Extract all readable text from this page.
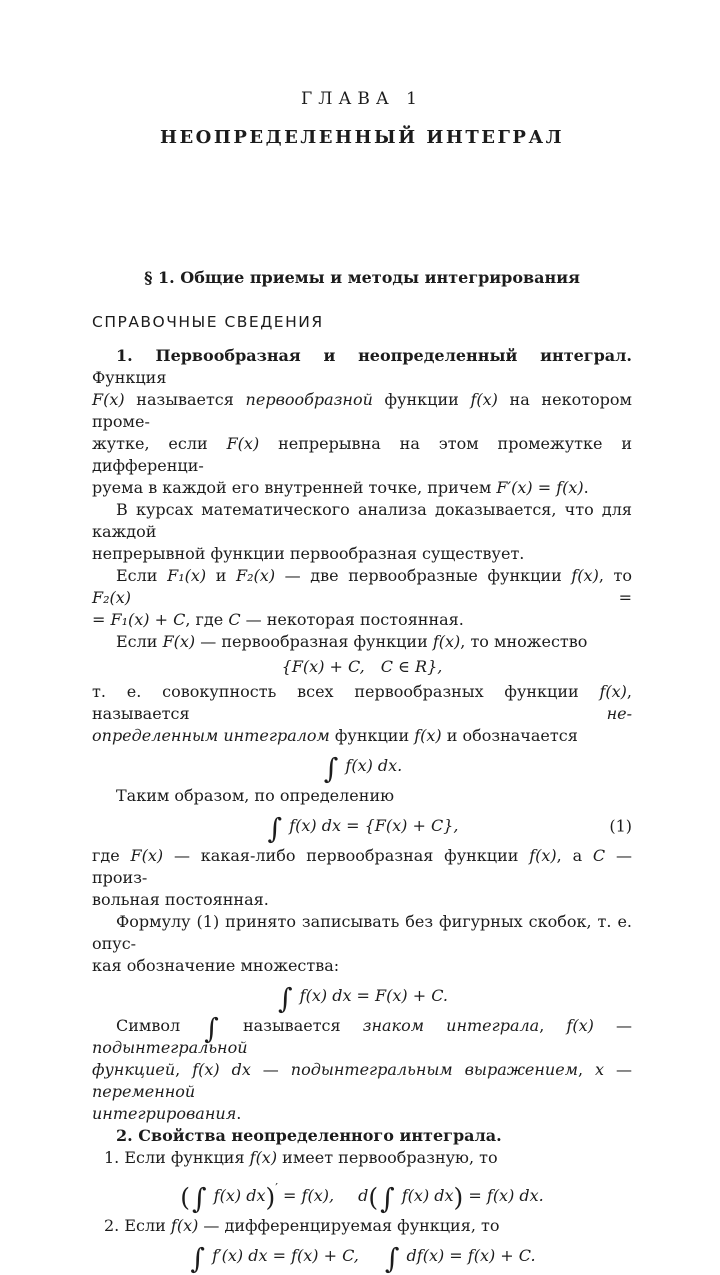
ГЛАВА 1
НЕОПРЕДЕЛЕННЫЙ ИНТЕГРАЛ
§ 1. Общие приемы и методы интегрирования
СПРАВОЧНЫЕ СВЕДЕНИЯ
1. Первообразная и неопределенный интеграл. Функция
F(x) называется первообразной функции f(x) на некотором проме-
жутке, если F(x) непрерывна на этом промежутке и дифференци-
руема в каждой его внутренней точке, причем F′(x) = f(x).
В курсах математического анализа доказывается, что для каждой
непрерывной функции первообразная существует.
Если F₁(x) и F₂(x) — две первообразные функции f(x), то F₂(x) =
= F₁(x) + C, где C — некоторая постоянная.
Если F(x) — первообразная функции f(x), то множество
{F(x) + C,  C ∈ R},
т. е. совокупность всех первообразных функции f(x), называется не-
определенным интегралом функции f(x) и обозначается
∫ f(x) dx.
Таким образом, по определению
∫ f(x) dx = {F(x) + C},	(1)
где F(x) — какая-либо первообразная функции f(x), а C — произ-
вольная постоянная.
Формулу (1) принято записывать без фигурных скобок, т. е. опус-
кая обозначение множества:
∫ f(x) dx = F(x) + C.
Символ ∫ называется знаком интеграла, f(x) — подынтегральной
функцией, f(x) dx — подынтегральным выражением, x — переменной
интегрирования.
2. Свойства неопределенного интеграла.
1. Если функция f(x) имеет первообразную, то
(∫ f(x) dx)′ = f(x),   d(∫ f(x) dx) = f(x) dx.
2. Если f(x) — дифференцируемая функция, то
∫ f′(x) dx = f(x) + C,   ∫ df(x) = f(x) + C.
